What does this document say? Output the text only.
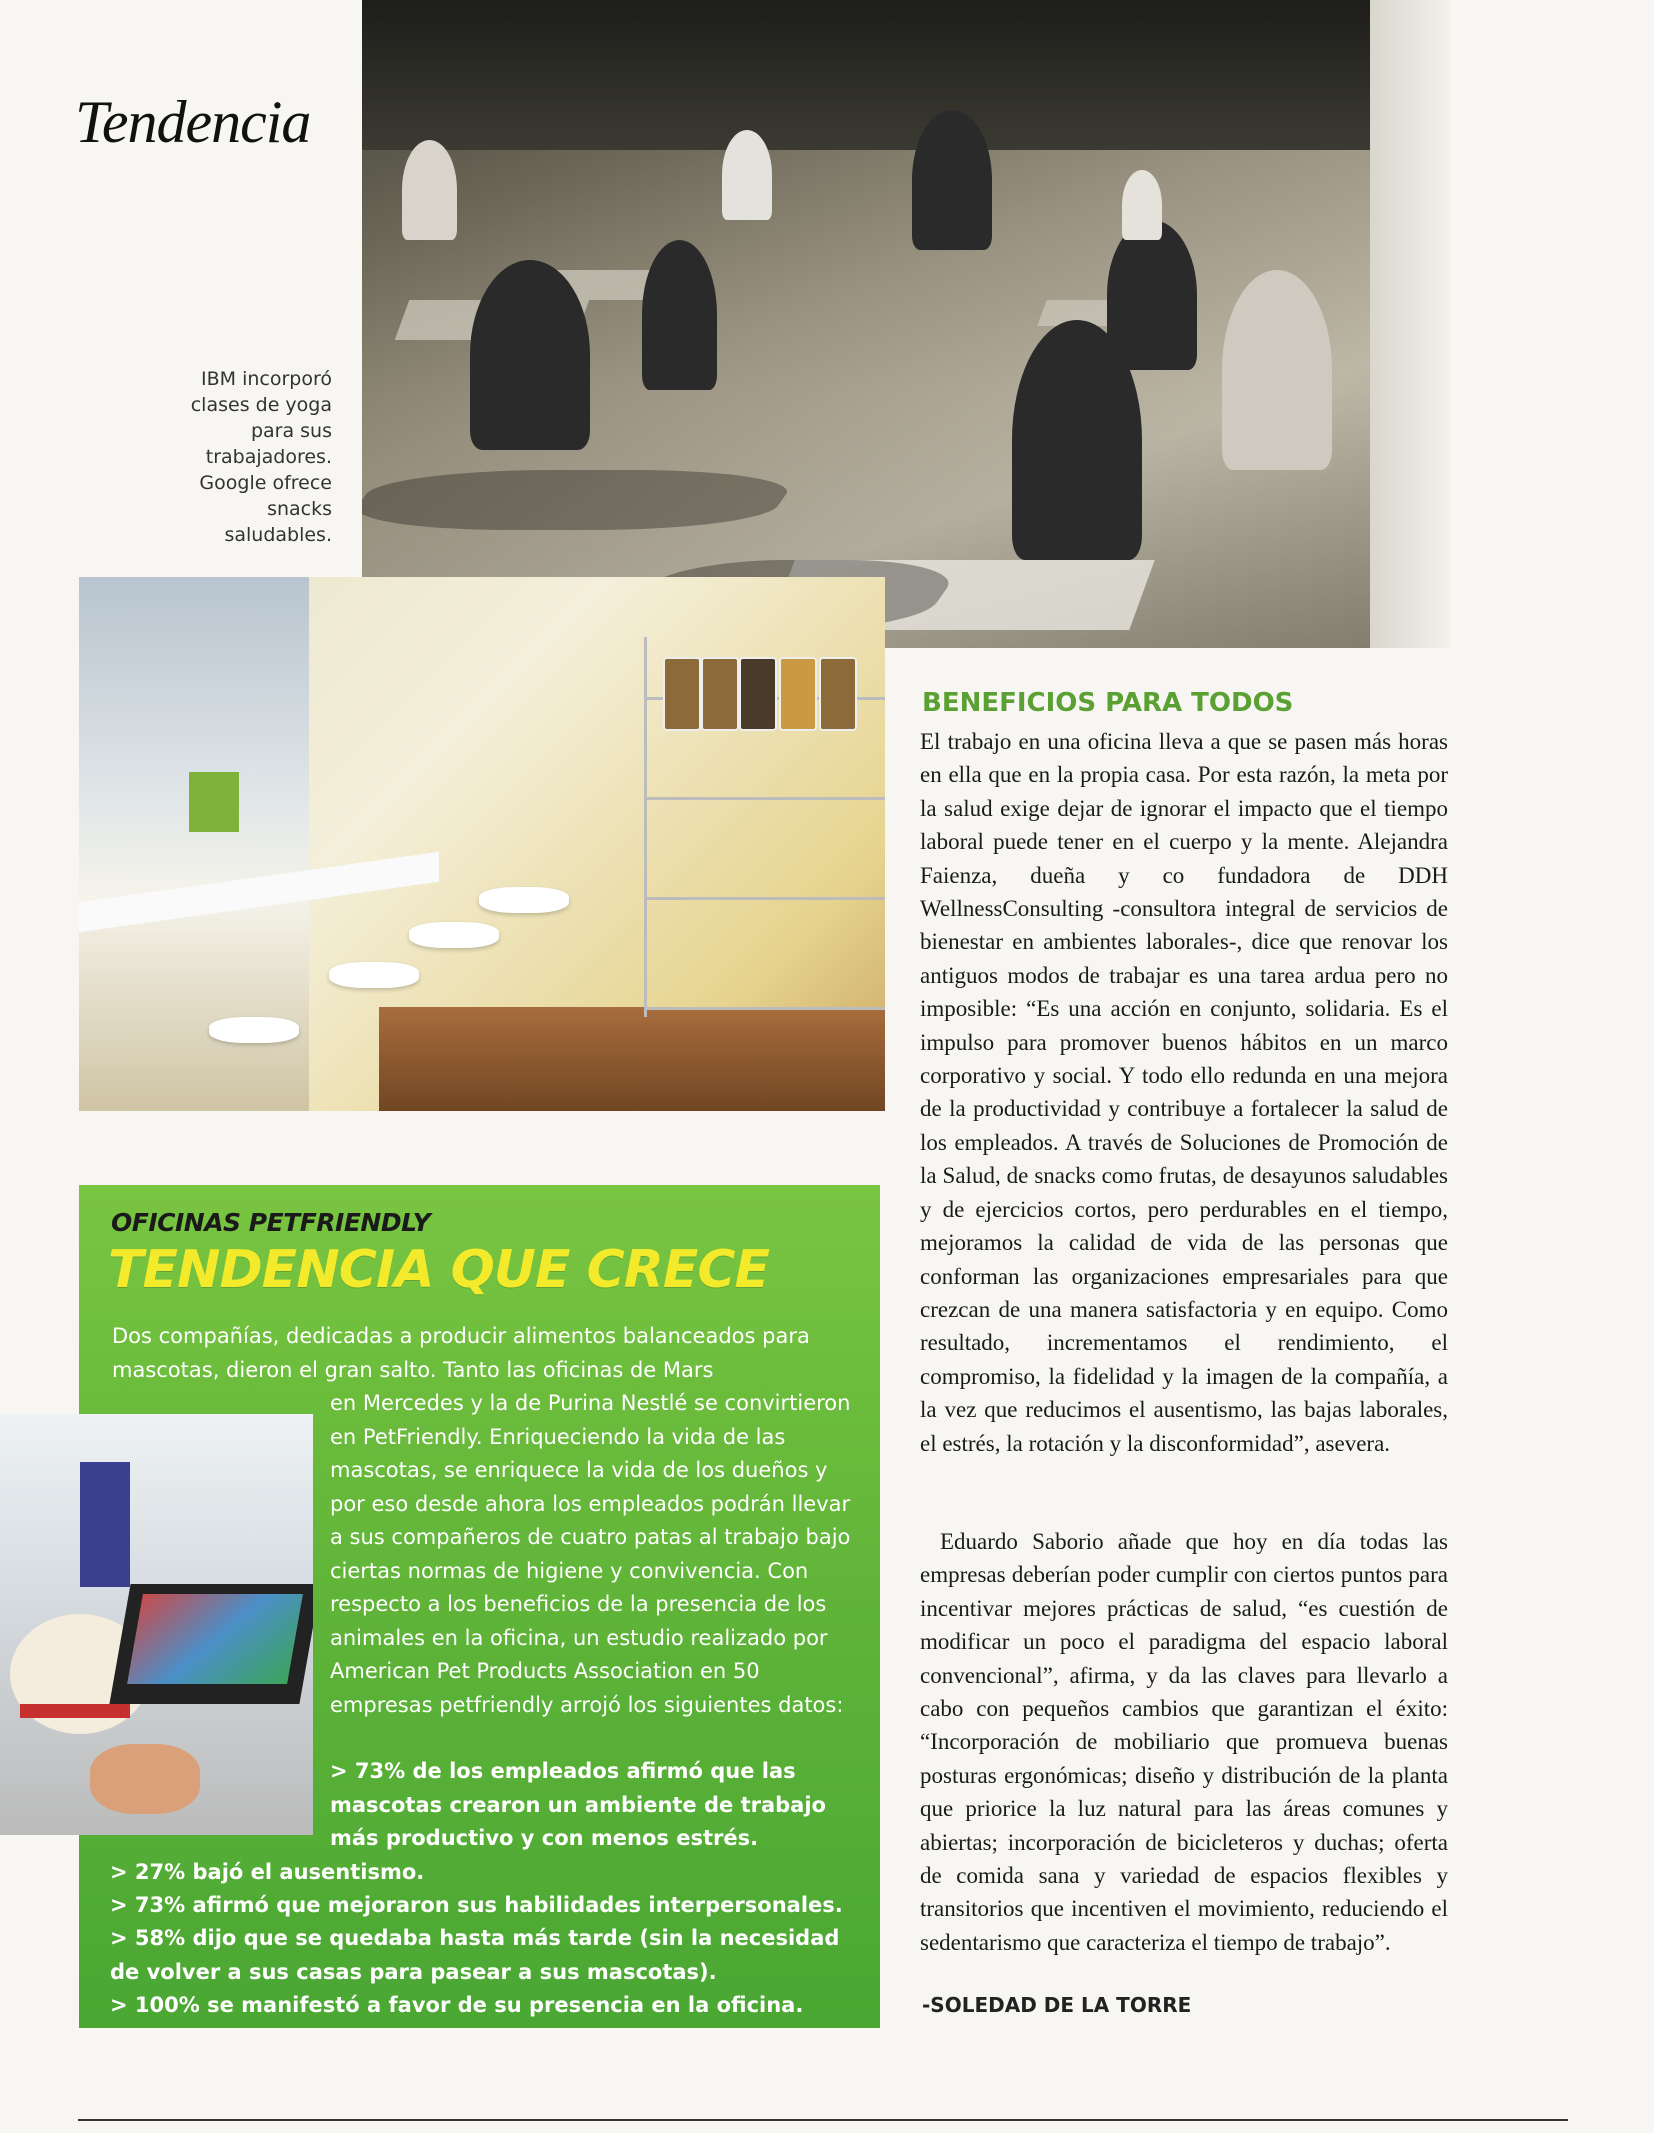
Tendencia
IBM incorporó clases de yoga para sus trabajadores. Google ofrece snacks saludables.
OFICINAS PETFRIENDLY
TENDENCIA QUE CRECE
Dos compañías, dedicadas a producir alimentos balanceados para mascotas, dieron el gran salto. Tanto las oficinas de Mars
en Mercedes y la de Purina Nestlé se convirtieron en PetFriendly. Enriqueciendo la vida de las mascotas, se enriquece la vida de los dueños y por eso desde ahora los empleados podrán llevar a sus compañeros de cuatro patas al trabajo bajo ciertas normas de higiene y convivencia. Con respecto a los beneficios de la presencia de los animales en la oficina, un estudio realizado por American Pet Products Association en 50 empresas petfriendly arrojó los siguientes datos:
> 73% de los empleados afirmó que las mascotas crearon un ambiente de trabajo más productivo y con menos estrés.
> 27% bajó el ausentismo.
> 73% afirmó que mejoraron sus habilidades interpersonales.
> 58% dijo que se quedaba hasta más tarde (sin la necesidad de volver a sus casas para pasear a sus mascotas).
> 100% se manifestó a favor de su presencia en la oficina.
BENEFICIOS PARA TODOS
El trabajo en una oficina lleva a que se pasen más horas en ella que en la propia casa. Por esta razón, la meta por la salud exige dejar de ignorar el impacto que el tiempo laboral puede tener en el cuerpo y la mente. Alejandra Faienza, dueña y co fundadora de DDH WellnessConsulting -consultora integral de servicios de bienestar en ambientes laborales-, dice que renovar los antiguos modos de trabajar es una tarea ardua pero no imposible: “Es una acción en conjunto, solidaria. Es el impulso para promover buenos hábitos en un marco corporativo y social. Y todo ello redunda en una mejora de la productividad y contribuye a fortalecer la salud de los empleados. A través de Soluciones de Promoción de la Salud, de snacks como frutas, de desayunos saludables y de ejercicios cortos, pero perdurables en el tiempo, mejoramos la calidad de vida de las personas que conforman las organizaciones empresariales para que crezcan de una manera satisfactoria y en equipo. Como resultado, incrementamos el rendimiento, el compromiso, la fidelidad y la imagen de la compañía, a la vez que reducimos el ausentismo, las bajas laborales, el estrés, la rotación y la disconformidad”, asevera.
Eduardo Saborio añade que hoy en día todas las empresas deberían poder cumplir con ciertos puntos para incentivar mejores prácticas de salud, “es cuestión de modificar un poco el paradigma del espacio laboral convencional”, afirma, y da las claves para llevarlo a cabo con pequeños cambios que garantizan el éxito: “Incorporación de mobiliario que promueva buenas posturas ergonómicas; diseño y distribución de la planta que priorice la luz natural para las áreas comunes y abiertas; incorporación de bicicleteros y duchas; oferta de comida sana y variedad de espacios flexibles y transitorios que incentiven el movimiento, reduciendo el sedentarismo que caracteriza el tiempo de trabajo”.
-SOLEDAD DE LA TORRE
